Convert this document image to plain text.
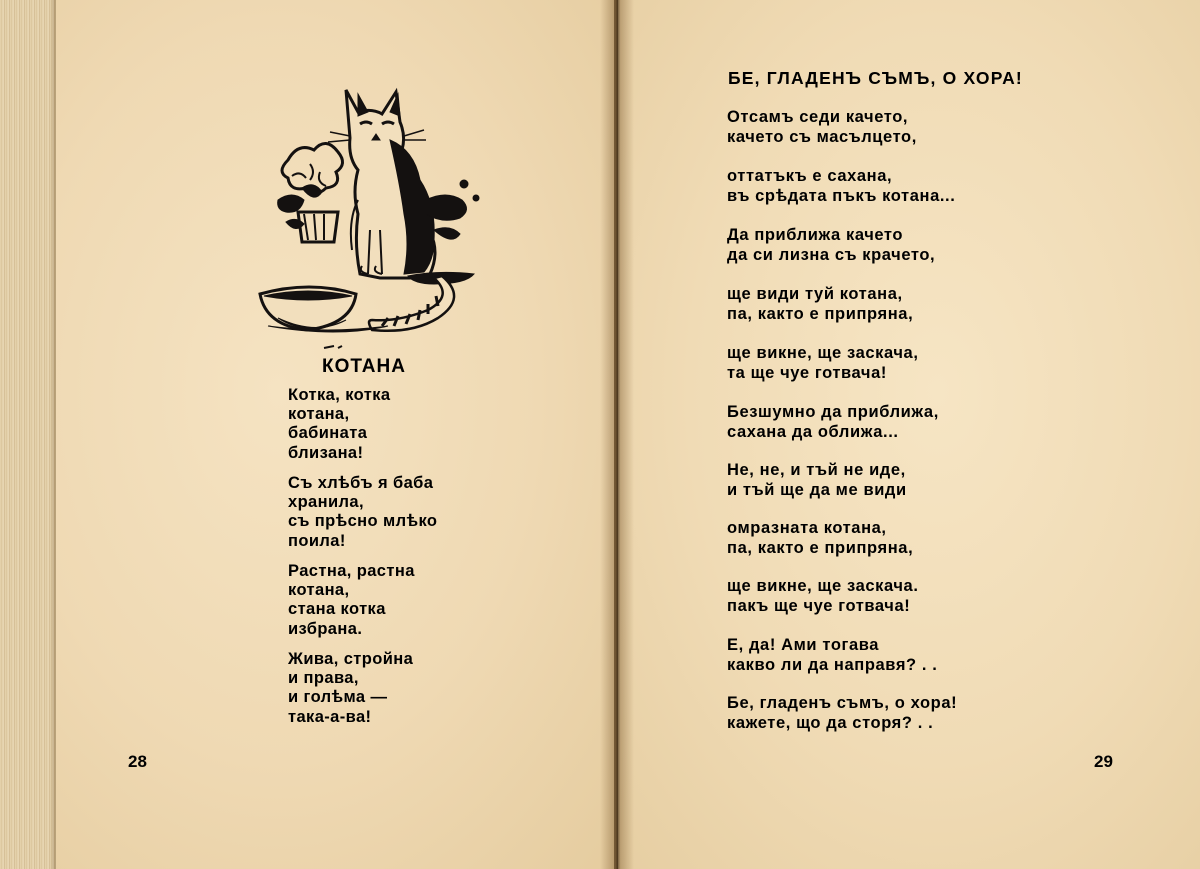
КОТАНА
Котка, котка
котана,
бабината
близана!
Съ хлѣбъ я баба
хранила,
съ прѣсно млѣко
поила!
Растна, растна
котана,
стана котка
избрана.
Жива, стройна
и права,
и голѣма —
така-а-ва!
28
БЕ, ГЛАДЕНЪ СЪМЪ, О ХОРА!
Отсамъ седи качето,
качето съ масълцето,
оттатъкъ е сахана,
въ срѣдата пъкъ котана...
Да приближа качето
да си лизна съ крачето,
ще види туй котана,
па, както е припряна,
ще викне, ще заскача,
та ще чуе готвача!
Безшумно да приближа,
сахана да оближа...
Не, не, и тъй не иде,
и тъй ще да ме види
омразната котана,
па, както е припряна,
ще викне, ще заскача.
пакъ ще чуе готвача!
Е, да! Ами тогава
какво ли да направя? . .
Бе, гладенъ съмъ, о хора!
кажете, що да сторя? . .
29
